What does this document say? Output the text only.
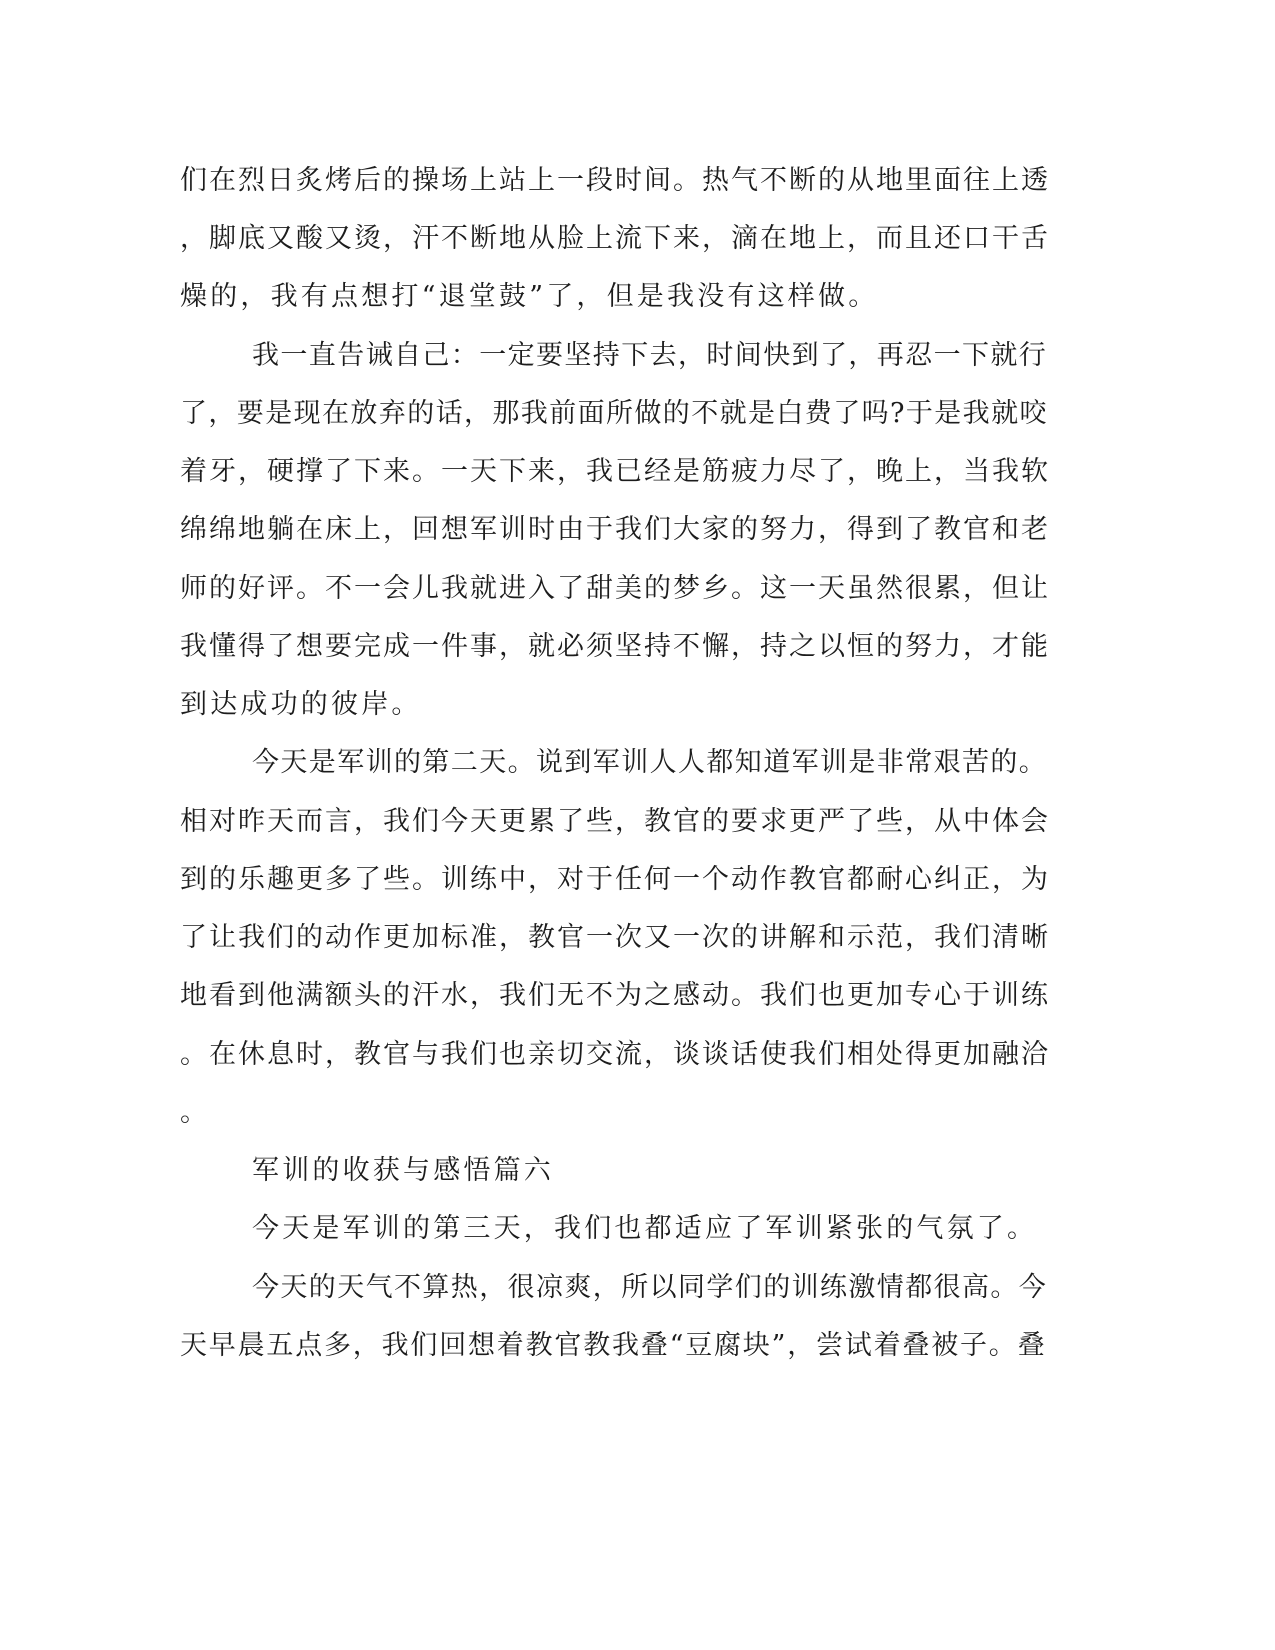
们在烈日炙烤后的操场上站上一段时间。热气不断的从地里面往上透
，脚底又酸又烫，汗不断地从脸上流下来，滴在地上，而且还口干舌
燥的，我有点想打“退堂鼓”了，但是我没有这样做。
我一直告诫自己：一定要坚持下去，时间快到了，再忍一下就行
了，要是现在放弃的话，那我前面所做的不就是白费了吗?于是我就咬
着牙，硬撑了下来。一天下来，我已经是筋疲力尽了，晚上，当我软
绵绵地躺在床上，回想军训时由于我们大家的努力，得到了教官和老
师的好评。不一会儿我就进入了甜美的梦乡。这一天虽然很累，但让
我懂得了想要完成一件事，就必须坚持不懈，持之以恒的努力，才能
到达成功的彼岸。
今天是军训的第二天。说到军训人人都知道军训是非常艰苦的。
相对昨天而言，我们今天更累了些，教官的要求更严了些，从中体会
到的乐趣更多了些。训练中，对于任何一个动作教官都耐心纠正，为
了让我们的动作更加标准，教官一次又一次的讲解和示范，我们清晰
地看到他满额头的汗水，我们无不为之感动。我们也更加专心于训练
。在休息时，教官与我们也亲切交流，谈谈话使我们相处得更加融洽
。
军训的收获与感悟篇六
今天是军训的第三天，我们也都适应了军训紧张的气氛了。
今天的天气不算热，很凉爽，所以同学们的训练激情都很高。今
天早晨五点多，我们回想着教官教我叠“豆腐块”，尝试着叠被子。叠
